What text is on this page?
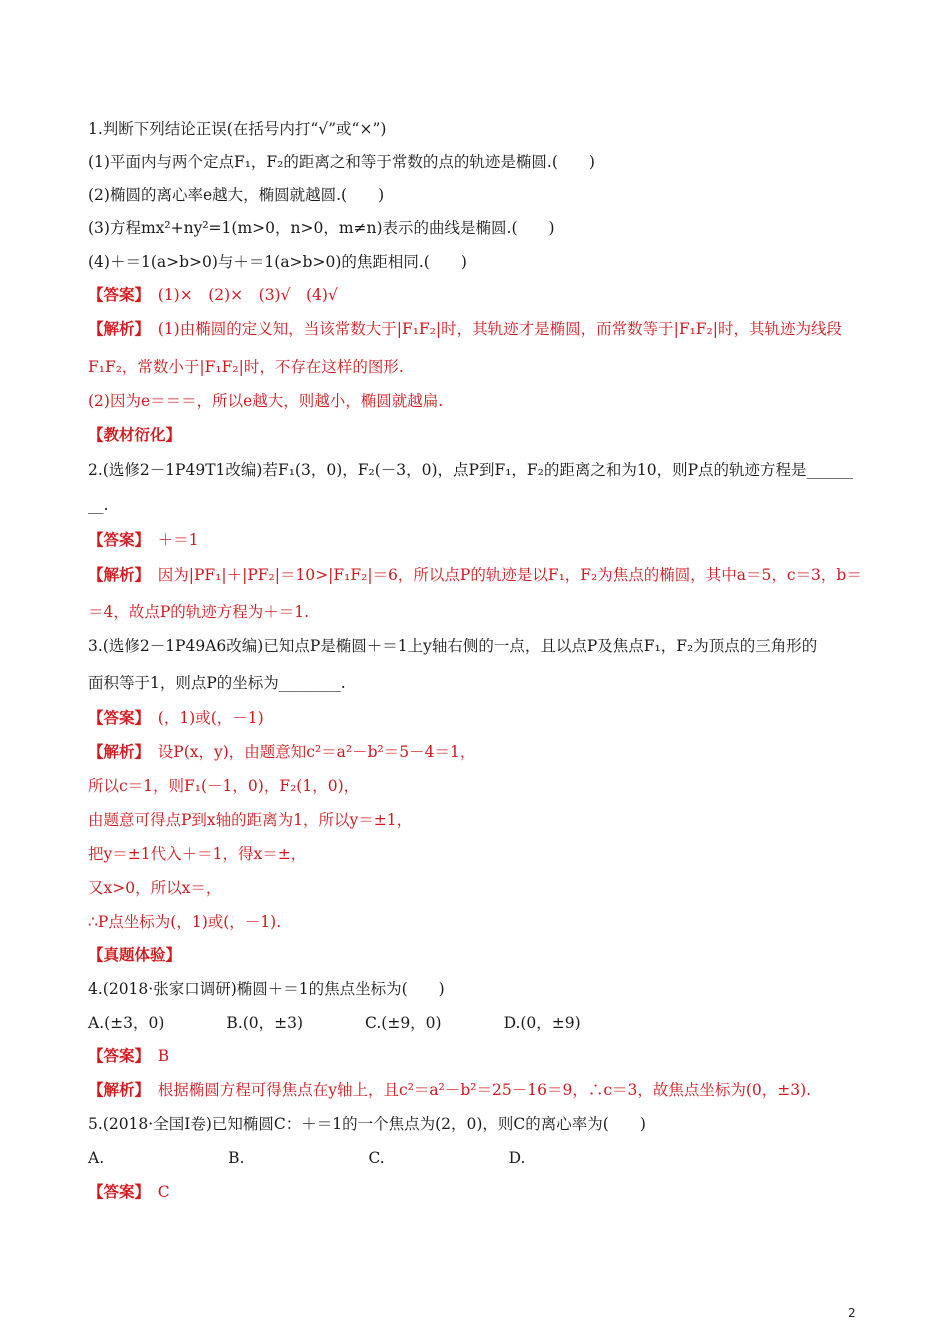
1.判断下列结论正误(在括号内打“√”或“×”)
(1)平面内与两个定点F₁，F₂的距离之和等于常数的点的轨迹是椭圆.(　　)
(2)椭圆的离心率e越大，椭圆就越圆.(　　)
(3)方程mx²+ny²=1(m>0，n>0，m≠n)表示的曲线是椭圆.(　　)
(4)＋＝1(a>b>0)与＋＝1(a>b>0)的焦距相同.(　　)
【答案】　(1)×　(2)×　(3)√　(4)√
【解析】　(1)由椭圆的定义知，当该常数大于|F₁F₂|时，其轨迹才是椭圆，而常数等于|F₁F₂|时，其轨迹为线段
F₁F₂，常数小于|F₁F₂|时，不存在这样的图形.
(2)因为e＝＝＝，所以e越大，则越小，椭圆就越扁.
【教材衍化】
2.(选修2－1P49T1改编)若F₁(3，0)，F₂(－3，0)，点P到F₁，F₂的距离之和为10，则P点的轨迹方程是______
__.
【答案】　＋＝1
【解析】　因为|PF₁|＋|PF₂|＝10>|F₁F₂|＝6，所以点P的轨迹是以F₁，F₂为焦点的椭圆，其中a＝5，c＝3，b＝
＝4，故点P的轨迹方程为＋＝1.
3.(选修2－1P49A6改编)已知点P是椭圆＋＝1上y轴右侧的一点，且以点P及焦点F₁，F₂为顶点的三角形的
面积等于1，则点P的坐标为________.
【答案】　(，1)或(，－1)
【解析】　设P(x，y)，由题意知c²＝a²－b²＝5－4＝1，
所以c＝1，则F₁(－1，0)，F₂(1，0)，
由题意可得点P到x轴的距离为1，所以y＝±1，
把y＝±1代入＋＝1，得x＝±，
又x>0，所以x＝，
∴P点坐标为(，1)或(，－1).
【真题体验】
4.(2018·张家口调研)椭圆＋＝1的焦点坐标为(　　)
A.(±3，0)　　　　B.(0，±3)　　　　C.(±9，0)　　　　D.(0，±9)
【答案】　B
【解析】　根据椭圆方程可得焦点在y轴上，且c²＝a²－b²＝25－16＝9，∴c＝3，故焦点坐标为(0，±3).
5.(2018·全国Ⅰ卷)已知椭圆C：＋＝1的一个焦点为(2，0)，则C的离心率为(　　)
A.　　　　　　　　B.　　　　　　　　C.　　　　　　　　D.
【答案】　C
2
